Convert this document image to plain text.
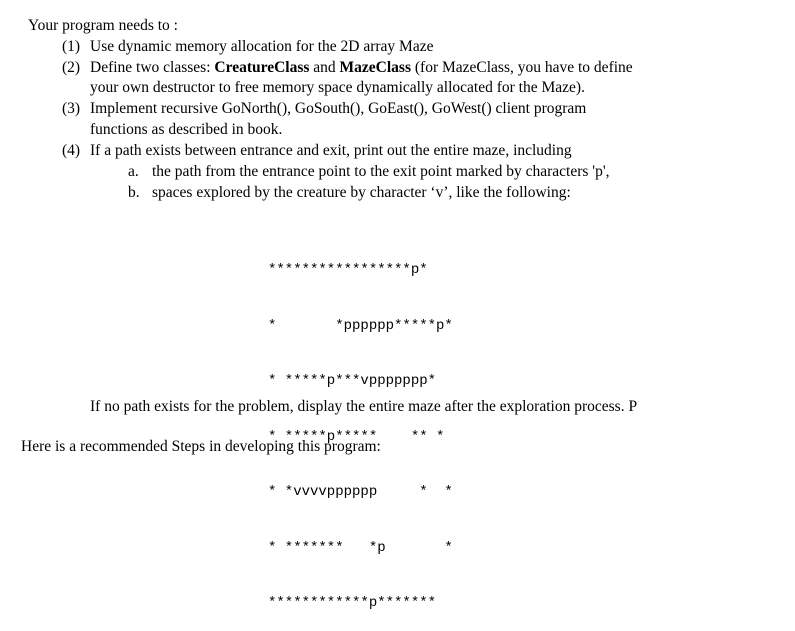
Your program needs to :
(1) Use dynamic memory allocation for the 2D array Maze
(2) Define two classes: CreatureClass and MazeClass (for MazeClass, you have to define
your own destructor to free memory space dynamically allocated for the Maze).
(3) Implement recursive GoNorth(), GoSouth(), GoEast(), GoWest() client program
functions as described in book.
(4) If a path exists between entrance and exit, print out the entire maze, including
a. the path from the entrance point to the exit point marked by characters 'p',
b. spaces explored by the creature by character ‘v’, like the following:

*****************p*

*       *pppppp*****p*

* *****p***vppppppp*

* *****p*****    ** *

* *vvvvpppppp     *  *

* *******   *p       *

************p*******

If no path exists for the problem, display the entire maze after the exploration process. P
Here is a recommended Steps in developing this program:
